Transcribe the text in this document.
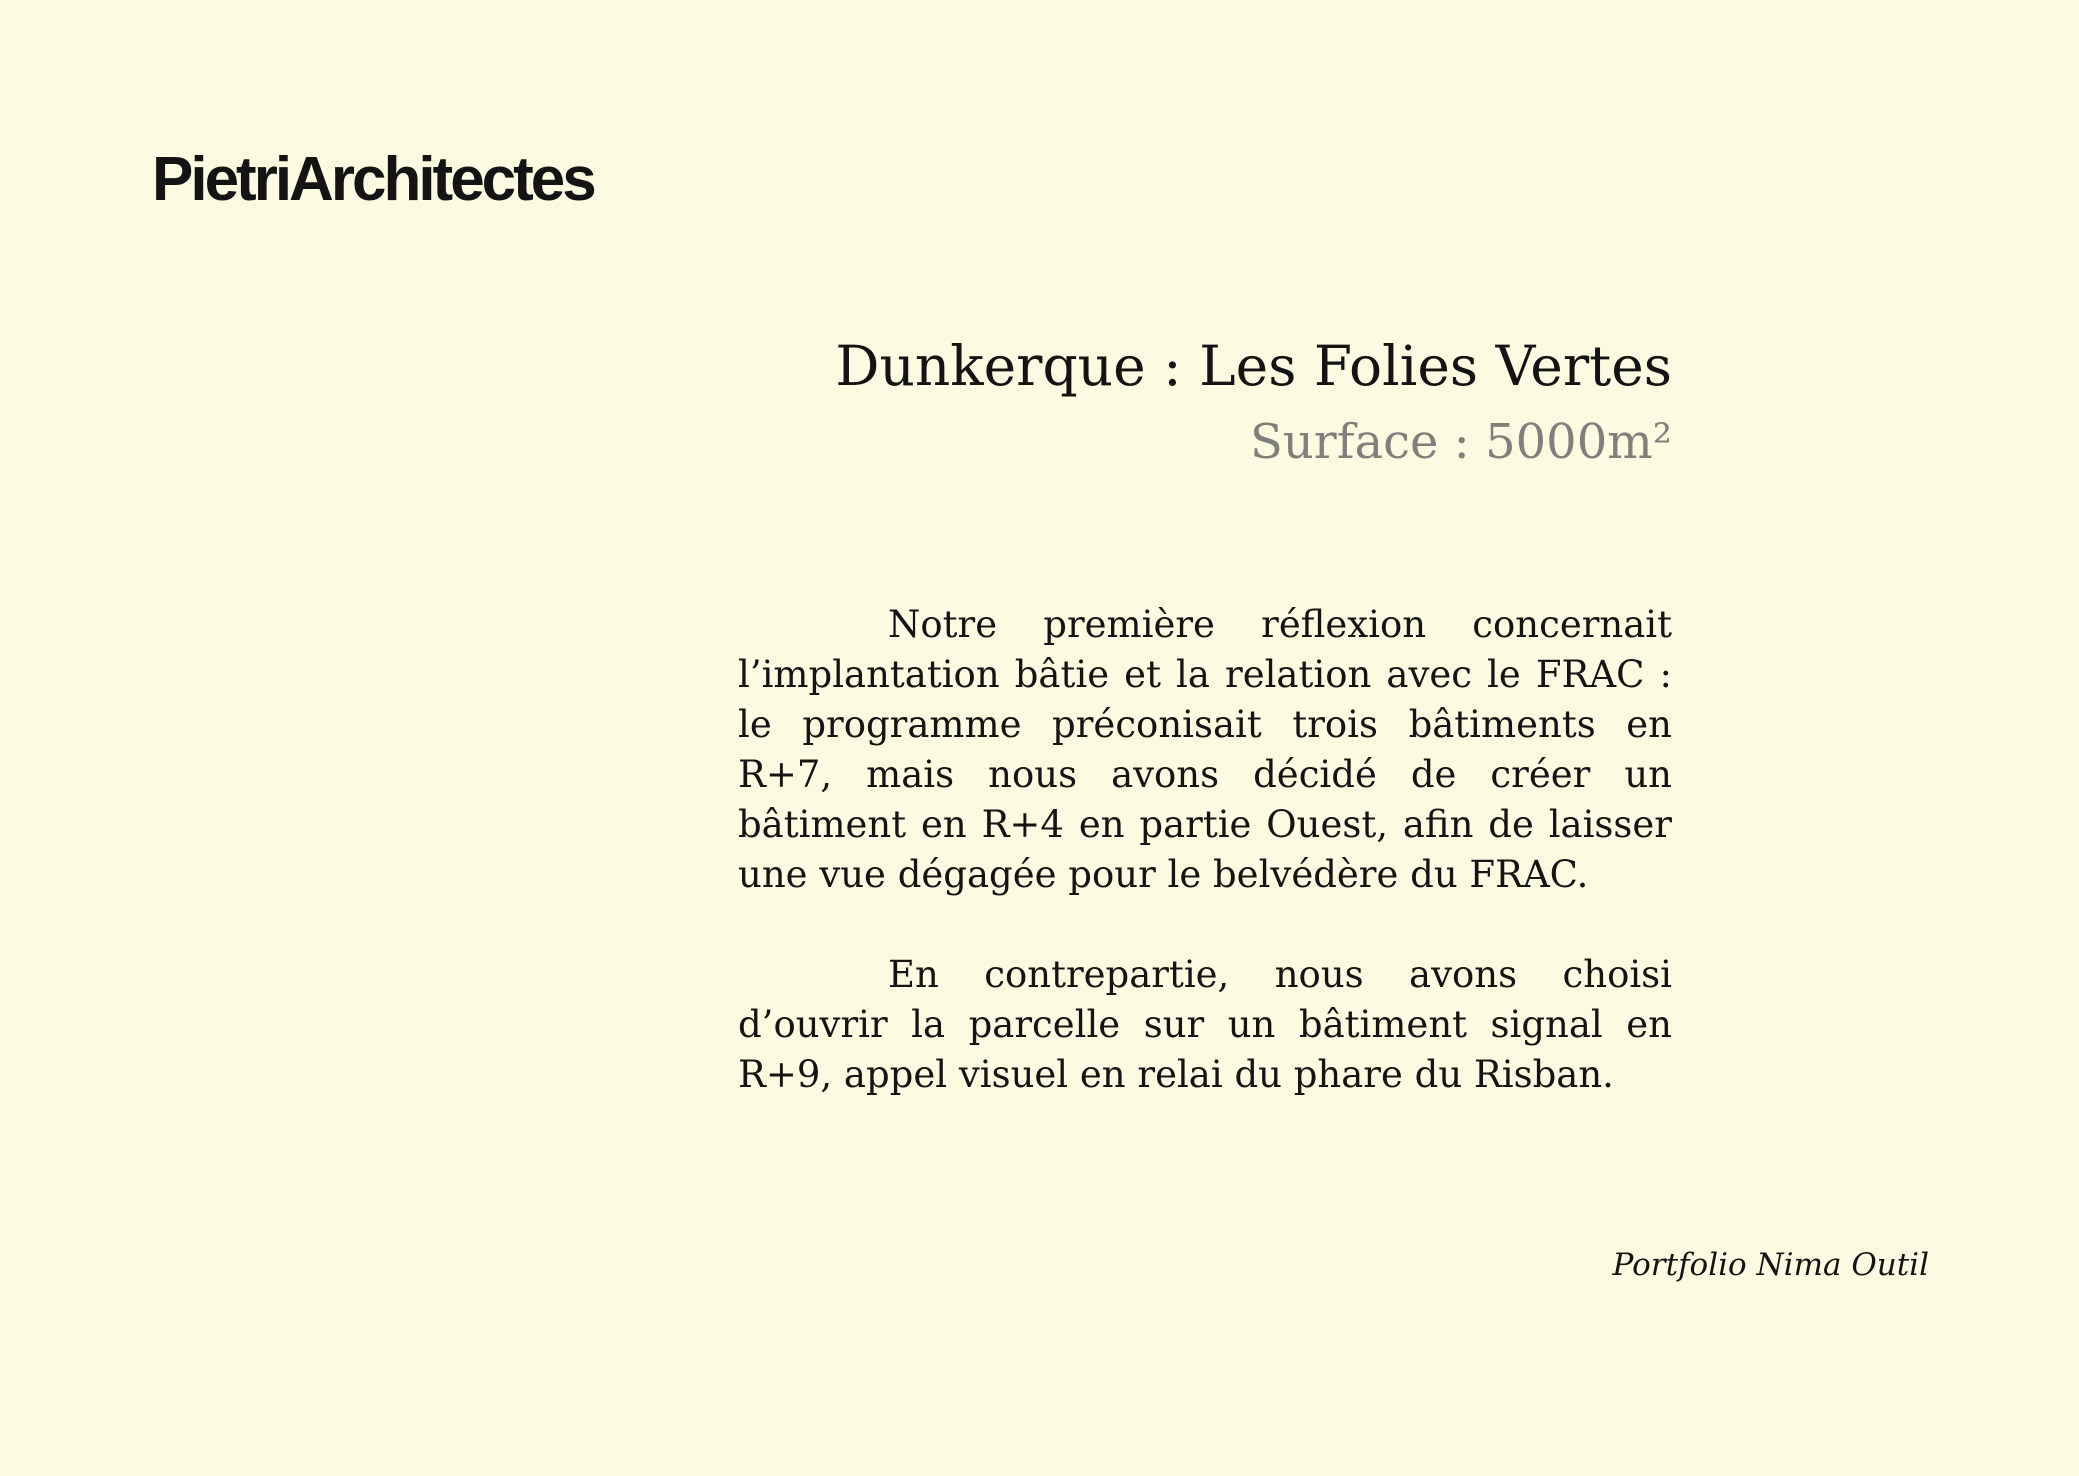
PietriArchitectes
Dunkerque : Les Folies Vertes
Surface : 5000m²

Notre première réflexion concernait l’implantation bâtie et la relation avec le FRAC : le programme préconisait trois bâtiments en R+7, mais nous avons décidé de créer un bâtiment en R+4 en partie Ouest, afin de laisser une vue dégagée pour le belvédère du FRAC.

En contrepartie, nous avons choisi d’ouvrir la parcelle sur un bâtiment signal en R+9, appel visuel en relai du phare du Risban.

Portfolio Nima Outil
